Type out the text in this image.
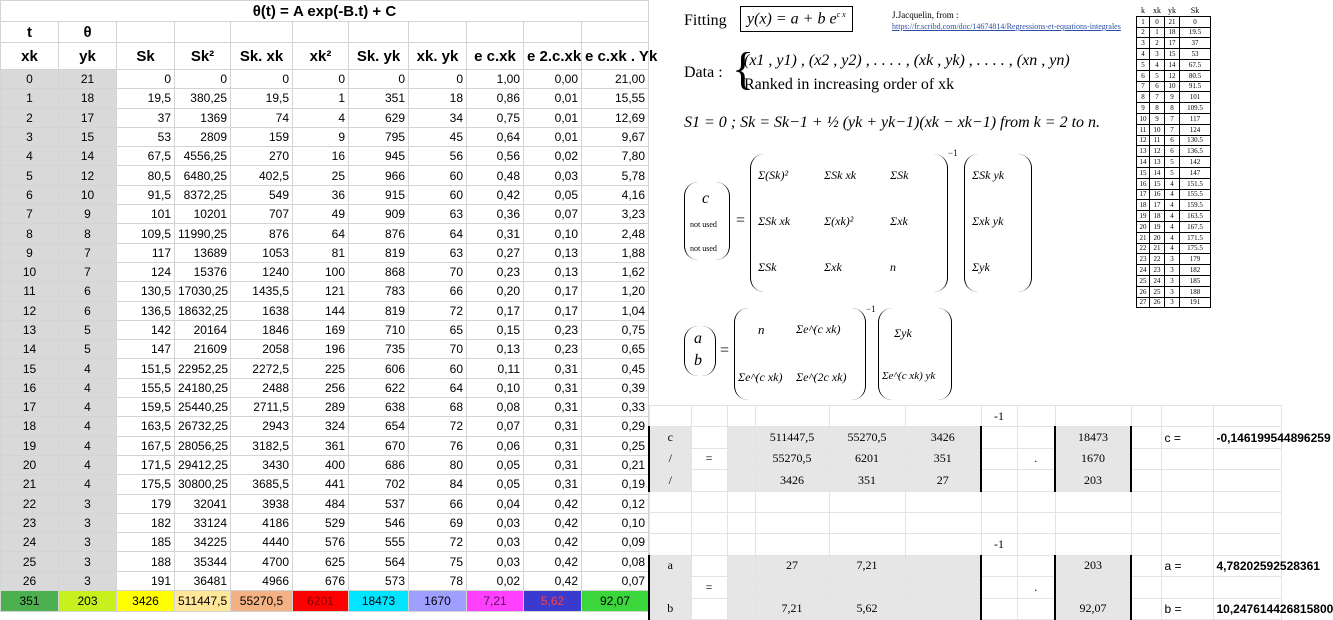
θ(t) = A exp(-B.t) + C										
t	θ									
xk	yk	Sk	Sk²	Sk. xk	xk²	Sk. yk	xk. yk	e c.xk	e 2.c.xk	e c.xk . Yk
0	21	0	0	0	0	0	0	1,00	0,00	21,00
1	18	19,5	380,25	19,5	1	351	18	0,86	0,01	15,55
2	17	37	1369	74	4	629	34	0,75	0,01	12,69
3	15	53	2809	159	9	795	45	0,64	0,01	9,67
4	14	67,5	4556,25	270	16	945	56	0,56	0,02	7,80
5	12	80,5	6480,25	402,5	25	966	60	0,48	0,03	5,78
6	10	91,5	8372,25	549	36	915	60	0,42	0,05	4,16
7	9	101	10201	707	49	909	63	0,36	0,07	3,23
8	8	109,5	11990,25	876	64	876	64	0,31	0,10	2,48
9	7	117	13689	1053	81	819	63	0,27	0,13	1,88
10	7	124	15376	1240	100	868	70	0,23	0,13	1,62
11	6	130,5	17030,25	1435,5	121	783	66	0,20	0,17	1,20
12	6	136,5	18632,25	1638	144	819	72	0,17	0,17	1,04
13	5	142	20164	1846	169	710	65	0,15	0,23	0,75
14	5	147	21609	2058	196	735	70	0,13	0,23	0,65
15	4	151,5	22952,25	2272,5	225	606	60	0,11	0,31	0,45
16	4	155,5	24180,25	2488	256	622	64	0,10	0,31	0,39
17	4	159,5	25440,25	2711,5	289	638	68	0,08	0,31	0,33
18	4	163,5	26732,25	2943	324	654	72	0,07	0,31	0,29
19	4	167,5	28056,25	3182,5	361	670	76	0,06	0,31	0,25
20	4	171,5	29412,25	3430	400	686	80	0,05	0,31	0,21
21	4	175,5	30800,25	3685,5	441	702	84	0,05	0,31	0,19
22	3	179	32041	3938	484	537	66	0,04	0,42	0,12
23	3	182	33124	4186	529	546	69	0,03	0,42	0,10
24	3	185	34225	4440	576	555	72	0,03	0,42	0,09
25	3	188	35344	4700	625	564	75	0,03	0,42	0,08
26	3	191	36481	4966	676	573	78	0,02	0,42	0,07
351	203	3426	511447,5	55270,5	6201	18473	1670	7,21	5,62	92,07
Fitting	y(x) = a + b $e^{c x}$	J.Jacquelin, from :
https://fr.scribd.com/doc/14674814/Regressions-et-equations-integrales
Data : {
(x1 , y1) , (x2 , y2) , . . . . , (xk , yk) , . . . . , (xn , yn)
Ranked in increasing order of xk
S1 = 0 ; Sk = Sk−1 + ½ (yk + yk−1)(xk − xk−1) from k = 2 to n.
c
not used
not used
=
−1
ΣSk yk
Σxk yk
Σyk
a
b
=
n	Σe^(c xk)
Σe^(c xk) Σe^(2c xk)
−1
Σyk
Σe^(c xk) yk
Σ(Sk)²	ΣSk xk	ΣSk
ΣSk xk	Σ(xk)²	Σxk
ΣSk	Σxk	n
k	xk	yk	Sk
1	0	21	0
2	1	18	19.5
3	2	17	37
4	3	15	53
5	4	14	67.5
6	5	12	80.5
7	6	10	91.5
8	7	9	101
9	8	8	109.5
10	9	7	117
11	10	7	124
12	11	6	130.5
13	12	6	136.5
14	13	5	142
15	14	5	147
16	15	4	151.5
17	16	4	155.5
18	17	4	159.5
19	18	4	163.5
20	19	4	167.5
21	20	4	171.5
22	21	4	175.5
23	22	3	179
24	23	3	182
25	24	3	185
26	25	3	188
27	26	3	191
						-1					
c			511447,5	55270,5	3426			18473		c =	-0,146199544896259
/	=		55270,5	6201	351		.	1670			
/			3426	351	27			203			

						-1					
a			27	7,21				203		a =	4,78202592528361
	=						.				
b			7,21	5,62				92,07		b =	10,247614426815800
